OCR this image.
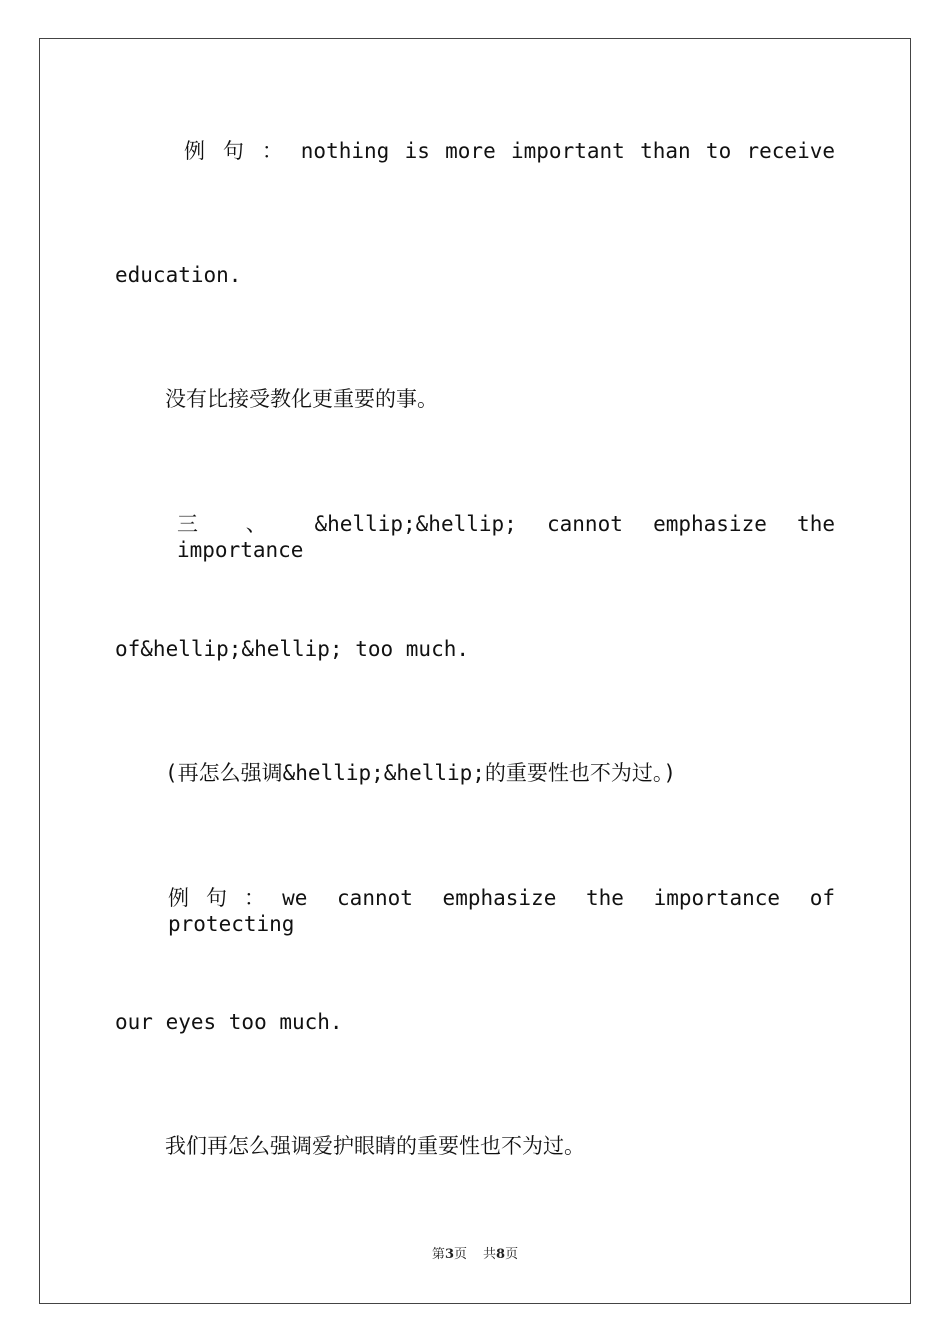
例 句 ： nothing is more important than to receive

education.

没有比接受教化更重要的事。

三 、 &hellip;&hellip; cannot emphasize the importance

of&hellip;&hellip; too much.

(再怎么强调&hellip;&hellip;的重要性也不为过。)

例句：we cannot emphasize the importance of protecting

our eyes too much.

我们再怎么强调爱护眼睛的重要性也不为过。

第3页 共8页
